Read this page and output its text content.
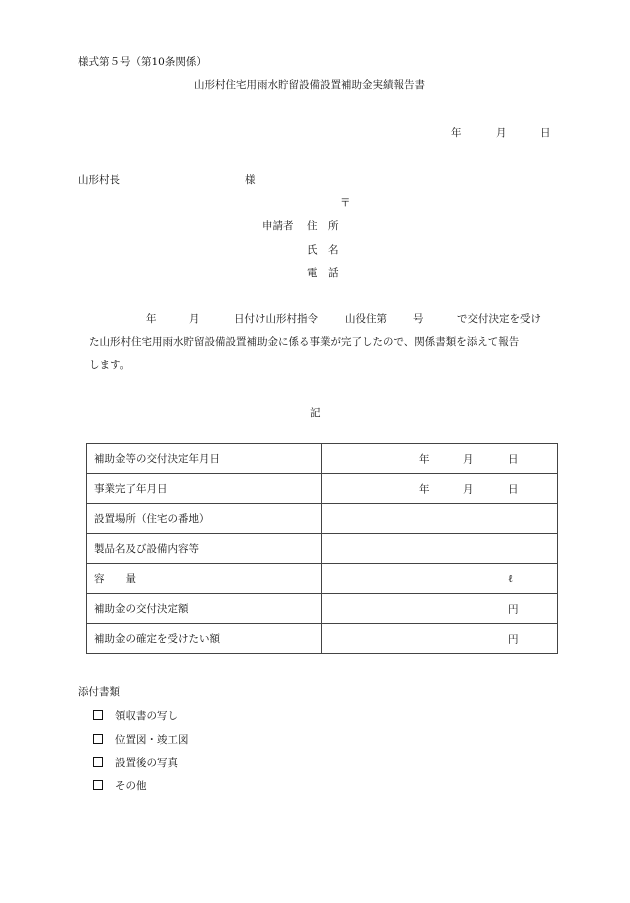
様式第５号（第10条関係）
山形村住宅用雨水貯留設備設置補助金実績報告書
年	月	日
山形村長	様
〒
申請者 住　所
氏　名
電　話
年	月	日付け山形村指令	山役住第 号	で交付決定を受け
た山形村住宅用雨水貯留設備設置補助金に係る事業が完了したので、関係書類を添えて報告
します。
記
補助金等の交付決定年月日	年 月 日

事業完了年月日	年 月 日

設置場所（住宅の番地）	
製品名及び設備内容等	
容　　量	ℓ

補助金の交付決定額	円

補助金の確定を受けたい額	円
添付書類
領収書の写し
位置図・竣工図
設置後の写真
その他
